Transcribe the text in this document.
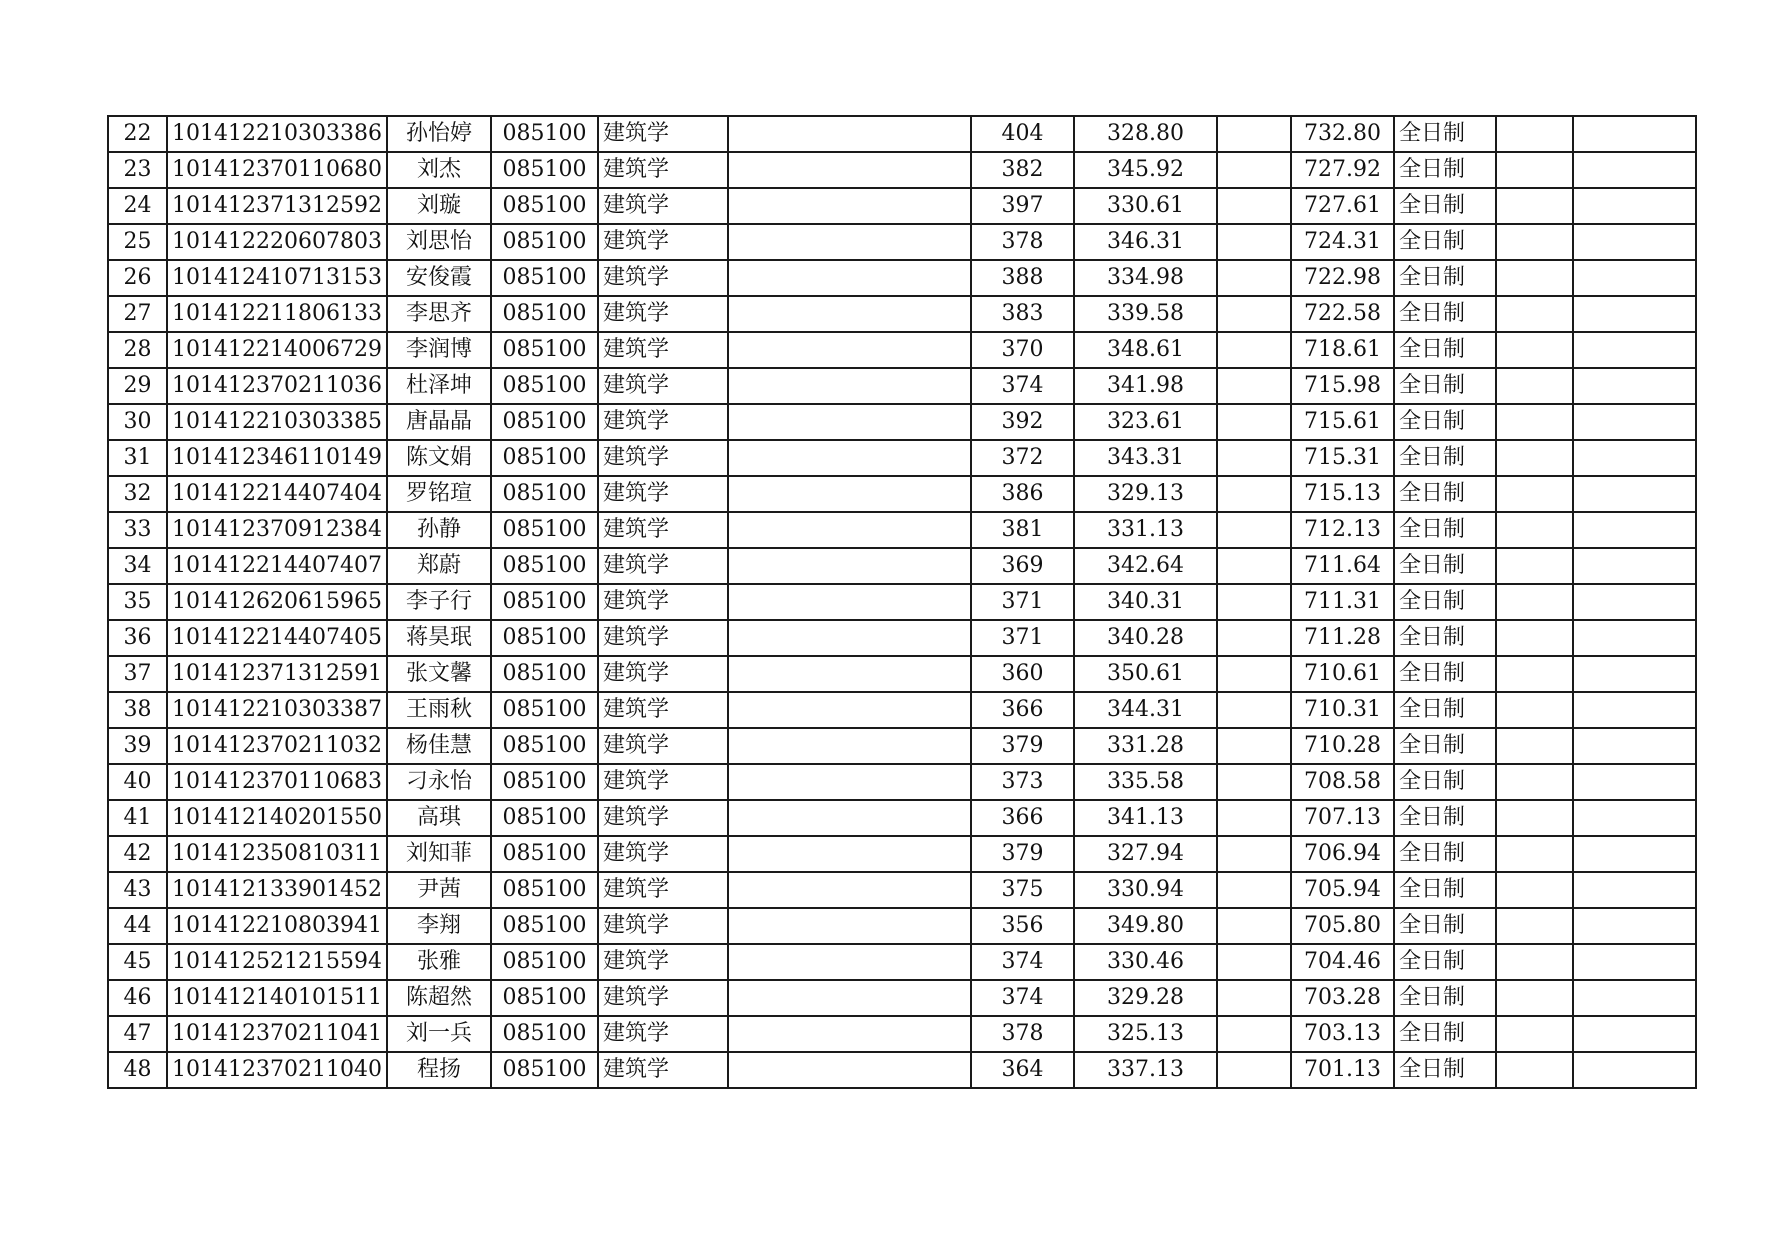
22	101412210303386	孙怡婷	085100	建筑学		404	328.80		732.80	全日制		
23	101412370110680	刘杰	085100	建筑学		382	345.92		727.92	全日制		
24	101412371312592	刘璇	085100	建筑学		397	330.61		727.61	全日制		
25	101412220607803	刘思怡	085100	建筑学		378	346.31		724.31	全日制		
26	101412410713153	安俊霞	085100	建筑学		388	334.98		722.98	全日制		
27	101412211806133	李思齐	085100	建筑学		383	339.58		722.58	全日制		
28	101412214006729	李润博	085100	建筑学		370	348.61		718.61	全日制		
29	101412370211036	杜泽坤	085100	建筑学		374	341.98		715.98	全日制		
30	101412210303385	唐晶晶	085100	建筑学		392	323.61		715.61	全日制		
31	101412346110149	陈文娟	085100	建筑学		372	343.31		715.31	全日制		
32	101412214407404	罗铭瑄	085100	建筑学		386	329.13		715.13	全日制		
33	101412370912384	孙静	085100	建筑学		381	331.13		712.13	全日制		
34	101412214407407	郑蔚	085100	建筑学		369	342.64		711.64	全日制		
35	101412620615965	李子行	085100	建筑学		371	340.31		711.31	全日制		
36	101412214407405	蒋昊珉	085100	建筑学		371	340.28		711.28	全日制		
37	101412371312591	张文馨	085100	建筑学		360	350.61		710.61	全日制		
38	101412210303387	王雨秋	085100	建筑学		366	344.31		710.31	全日制		
39	101412370211032	杨佳慧	085100	建筑学		379	331.28		710.28	全日制		
40	101412370110683	刁永怡	085100	建筑学		373	335.58		708.58	全日制		
41	101412140201550	高琪	085100	建筑学		366	341.13		707.13	全日制		
42	101412350810311	刘知菲	085100	建筑学		379	327.94		706.94	全日制		
43	101412133901452	尹茜	085100	建筑学		375	330.94		705.94	全日制		
44	101412210803941	李翔	085100	建筑学		356	349.80		705.80	全日制		
45	101412521215594	张雅	085100	建筑学		374	330.46		704.46	全日制		
46	101412140101511	陈超然	085100	建筑学		374	329.28		703.28	全日制		
47	101412370211041	刘一兵	085100	建筑学		378	325.13		703.13	全日制		
48	101412370211040	程扬	085100	建筑学		364	337.13		701.13	全日制		
